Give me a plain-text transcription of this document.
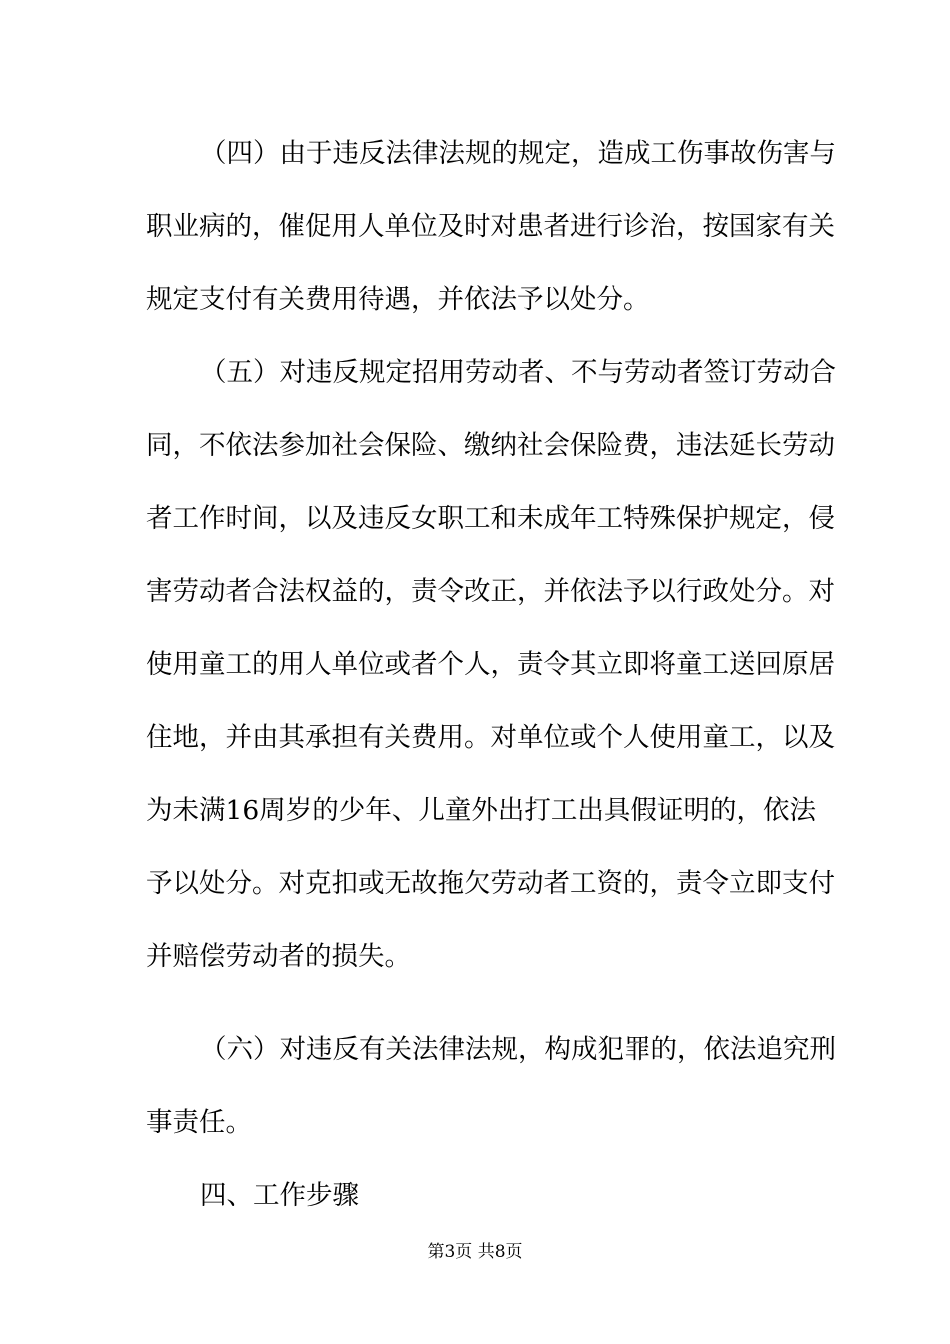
（四）由于违反法律法规的规定，造成工伤事故伤害与
职业病的，催促用人单位及时对患者进行诊治，按国家有关
规定支付有关费用待遇，并依法予以处分。
（五）对违反规定招用劳动者、不与劳动者签订劳动合
同，不依法参加社会保险、缴纳社会保险费，违法延长劳动
者工作时间，以及违反女职工和未成年工特殊保护规定，侵
害劳动者合法权益的，责令改正，并依法予以行政处分。对
使用童工的用人单位或者个人，责令其立即将童工送回原居
住地，并由其承担有关费用。对单位或个人使用童工，以及
为未满16周岁的少年、儿童外出打工出具假证明的，依法
予以处分。对克扣或无故拖欠劳动者工资的，责令立即支付
并赔偿劳动者的损失。
（六）对违反有关法律法规，构成犯罪的，依法追究刑
事责任。
四、工作步骤
第3页 共8页
